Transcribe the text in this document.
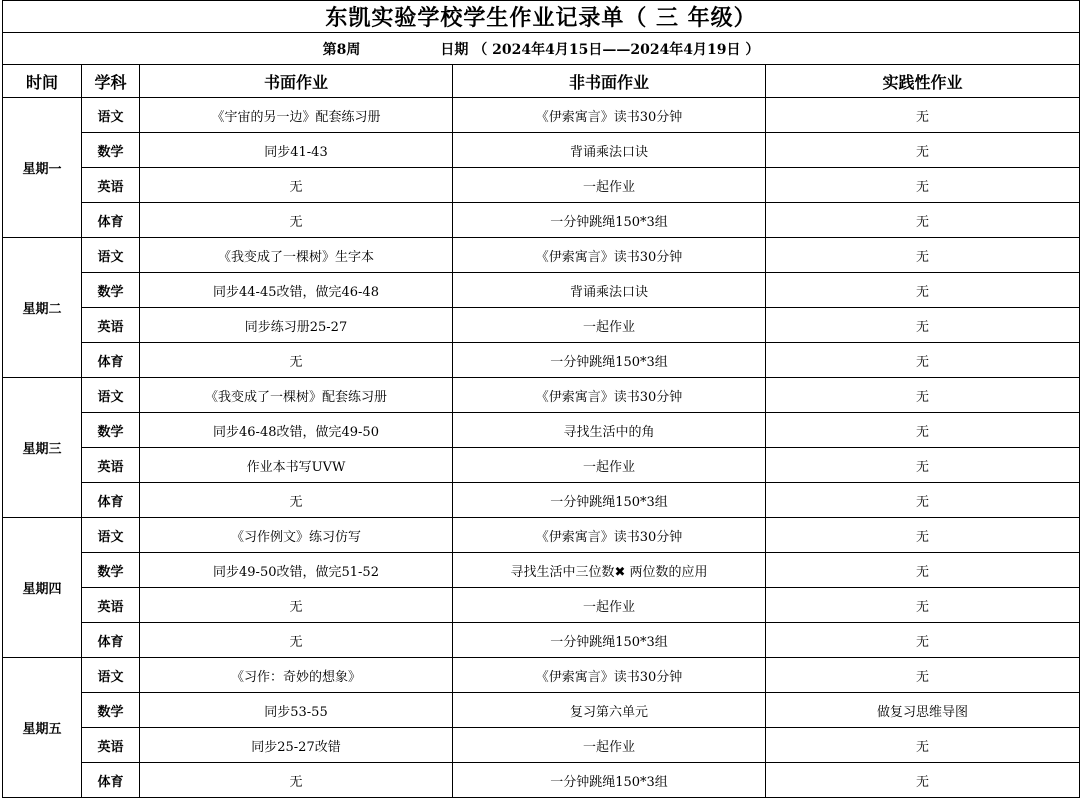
东凯实验学校学生作业记录单（ 三 年级）				
第8周 日期 （ 2024年4月15日——2024年4月19日 ）				
时间	学科	书面作业	非书面作业	实践性作业
星期一	语文	《宇宙的另一边》配套练习册	《伊索寓言》读书30分钟	无
	数学	同步41-43	背诵乘法口诀	无
	英语	无	一起作业	无
	体育	无	一分钟跳绳150*3组	无
星期二	语文	《我变成了一棵树》生字本	《伊索寓言》读书30分钟	无
	数学	同步44-45改错，做完46-48	背诵乘法口诀	无
	英语	同步练习册25-27	一起作业	无
	体育	无	一分钟跳绳150*3组	无
星期三	语文	《我变成了一棵树》配套练习册	《伊索寓言》读书30分钟	无
	数学	同步46-48改错，做完49-50	寻找生活中的角	无
	英语	作业本书写UVW	一起作业	无
	体育	无	一分钟跳绳150*3组	无
星期四	语文	《习作例文》练习仿写	《伊索寓言》读书30分钟	无
	数学	同步49-50改错，做完51-52	寻找生活中三位数✖ 两位数的应用	无
	英语	无	一起作业	无
	体育	无	一分钟跳绳150*3组	无
星期五	语文	《习作：奇妙的想象》	《伊索寓言》读书30分钟	无
	数学	同步53-55	复习第六单元	做复习思维导图
	英语	同步25-27改错	一起作业	无
	体育	无	一分钟跳绳150*3组	无
